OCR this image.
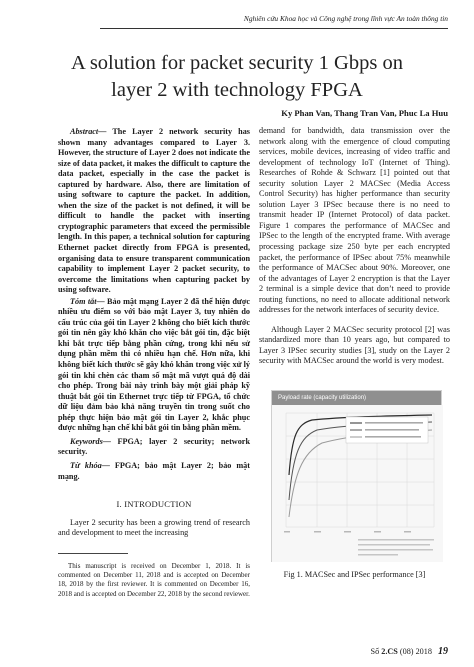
Nghiên cứu Khoa học và Công nghệ trong lĩnh vực An toàn thông tin
A solution for packet security 1 Gbps on
layer 2 with technology FPGA
Ky Phan Van, Thang Tran Van, Phuc La Huu

Abstract— The Layer 2 network security has shown many advantages compared to Layer 3. However, the structure of Layer 2 does not indicate the size of data packet, it makes the difficult to capture the data packet, especially in the case the packet is captured by hardware. Also, there are limitation of using software to capture the packet. In addition, when the size of the packet is not defined, it will be difficult to handle the packet with inserting cryptographic parameters that exceed the permissible length. In this paper, a technical solution for capturing Ethernet packet directly from FPGA is presented, organising data to ensure transparent communication capability to implement Layer 2 packet security, to overcome the limitations when capturing packet by using software.

Tóm tắt— Bảo mật mạng Layer 2 đã thể hiện được nhiều ưu điểm so với bảo mật Layer 3, tuy nhiên do cấu trúc của gói tin Layer 2 không cho biết kích thước gói tin nên gây khó khăn cho việc bắt gói tin, đặc biệt khi bắt trực tiếp bằng phần cứng, trong khi nếu sử dụng phần mềm thì có nhiều hạn chế. Hơn nữa, khi không biết kích thước sẽ gây khó khăn trong việc xử lý gói tin khi chèn các tham số mật mã vượt quá độ dài cho phép. Trong bài này trình bày một giải pháp kỹ thuật bắt gói tin Ethernet trực tiếp từ FPGA, tổ chức dữ liệu đảm bảo khả năng truyền tin trong suốt cho phép thực hiện bảo mật gói tin Layer 2, khắc phục được những hạn chế khi bắt gói tin bằng phần mềm.

Keywords— FPGA; layer 2 security; network security.

Từ khóa— FPGA; bảo mật Layer 2; bảo mật mạng.

I. INTRODUCTION

Layer 2 security has been a growing trend of research and development to meet the increasing

This manuscript is received on December 1, 2018. It is commented on December 11, 2018 and is accepted on December 18, 2018 by the first reviewer. It is commented on December 16, 2018 and is accepted on December 22, 2018 by the second reviewer.

demand for bandwidth, data transmission over the network along with the emergence of cloud computing services, mobile devices, increasing of video traffic and development of technology IoT (Internet of Thing). Researches of Rohde & Schwarz [1] pointed out that security solution Layer 2 MACSec (Media Access Control Security) has higher performance than security solution Layer 3 IPSec because there is no need to transmit header IP (Internet Protocol) of data packet. Figure 1 compares the performance of MACSec and IPSec to the length of the encrypted frame. With average processing package size 250 byte per each encrypted packet, the performance of IPSec about 75% meanwhile the performance of MACSec about 90%. Moreover, one of the advantages of Layer 2 encryption is that the Layer 2 terminal is a simple device that don’t need to provide routing functions, no need to allocate additional network addresses for the network interfaces of security device.

Although Layer 2 MACSec security protocol [2] was standardized more than 10 years ago, but compared to Layer 3 IPSec security studies [3], study on the Layer 2 security with MACSec around the world is very modest.

Payload rate (capacity utilization)
Fig 1. MACSec and IPSec performance [3]
Số 2.CS (08) 2018 19
